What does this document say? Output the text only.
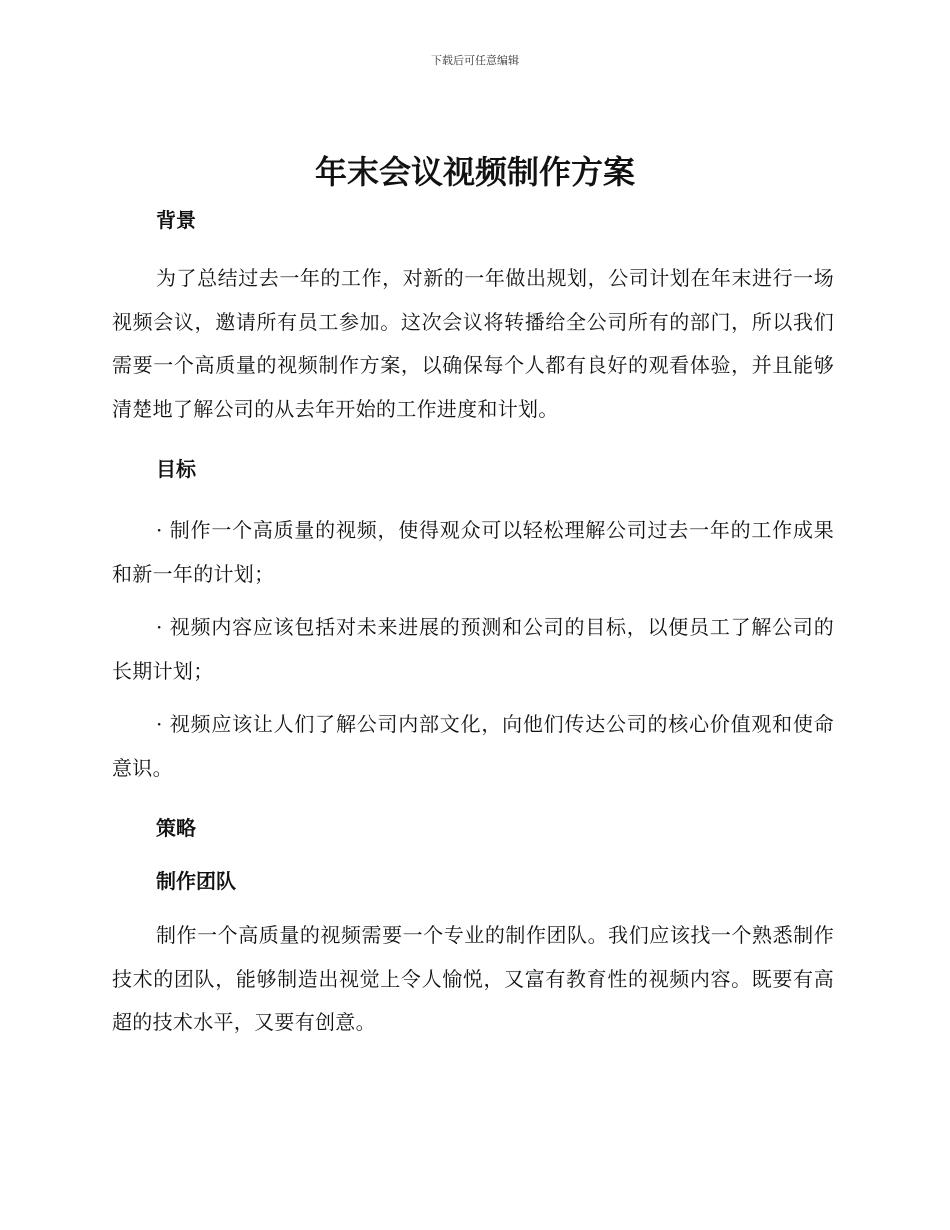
下载后可任意编辑
年末会议视频制作方案
背景

为了总结过去一年的工作，对新的一年做出规划，公司计划在年末进行一场视频会议，邀请所有员工参加。这次会议将转播给全公司所有的部门，所以我们需要一个高质量的视频制作方案，以确保每个人都有良好的观看体验，并且能够清楚地了解公司的从去年开始的工作进度和计划。

目标

· 制作一个高质量的视频，使得观众可以轻松理解公司过去一年的工作成果和新一年的计划；

· 视频内容应该包括对未来进展的预测和公司的目标，以便员工了解公司的长期计划；

· 视频应该让人们了解公司内部文化，向他们传达公司的核心价值观和使命意识。

策略
制作团队

制作一个高质量的视频需要一个专业的制作团队。我们应该找一个熟悉制作技术的团队，能够制造出视觉上令人愉悦，又富有教育性的视频内容。既要有高超的技术水平，又要有创意。
